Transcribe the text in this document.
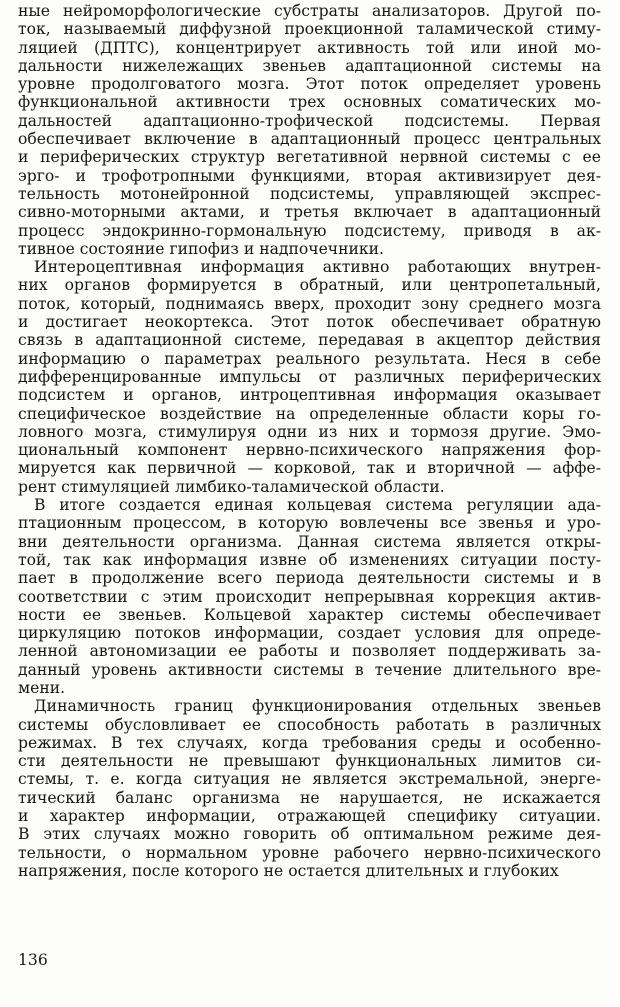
ные нейроморфологические субстраты анализаторов. Другой по-
ток, называемый диффузной проекционной таламической стиму-
ляцией (ДПТС), концентрирует активность той или иной мо-
дальности нижележащих звеньев адаптационной системы на
уровне продолговатого мозга. Этот поток определяет уровень
функциональной активности трех основных соматических мо-
дальностей адаптационно-трофической подсистемы. Первая
обеспечивает включение в адаптационный процесс центральных
и периферических структур вегетативной нервной системы с ее
эрго- и трофотропными функциями, вторая активизирует дея-
тельность мотонейронной подсистемы, управляющей экспрес-
сивно-моторными актами, и третья включает в адаптационный
процесс эндокринно-гормональную подсистему, приводя в ак-
тивное состояние гипофиз и надпочечники.
Интероцептивная информация активно работающих внутрен-
них органов формируется в обратный, или центропетальный,
поток, который, поднимаясь вверх, проходит зону среднего мозга
и достигает неокортекса. Этот поток обеспечивает обратную
связь в адаптационной системе, передавая в акцептор действия
информацию о параметрах реального результата. Неся в себе
дифференцированные импульсы от различных периферических
подсистем и органов, интроцептивная информация оказывает
специфическое воздействие на определенные области коры го-
ловного мозга, стимулируя одни из них и тормозя другие. Эмо-
циональный компонент нервно-психического напряжения фор-
мируется как первичной — корковой, так и вторичной — аффе-
рент стимуляцией лимбико-таламической области.
В итоге создается единая кольцевая система регуляции ада-
птационным процессом, в которую вовлечены все звенья и уро-
вни деятельности организма. Данная система является откры-
той, так как информация извне об изменениях ситуации посту-
пает в продолжение всего периода деятельности системы и в
соответствии с этим происходит непрерывная коррекция актив-
ности ее звеньев. Кольцевой характер системы обеспечивает
циркуляцию потоков информации, создает условия для опреде-
ленной автономизации ее работы и позволяет поддерживать за-
данный уровень активности системы в течение длительного вре-
мени.
Динамичность границ функционирования отдельных звеньев
системы обусловливает ее способность работать в различных
режимах. В тех случаях, когда требования среды и особенно-
сти деятельности не превышают функциональных лимитов си-
стемы, т. е. когда ситуация не является экстремальной, энерге-
тический баланс организма не нарушается, не искажается
и характер информации, отражающей специфику ситуации.
В этих случаях можно говорить об оптимальном режиме дея-
тельности, о нормальном уровне рабочего нервно-психического
напряжения, после которого не остается длительных и глубоких
136
